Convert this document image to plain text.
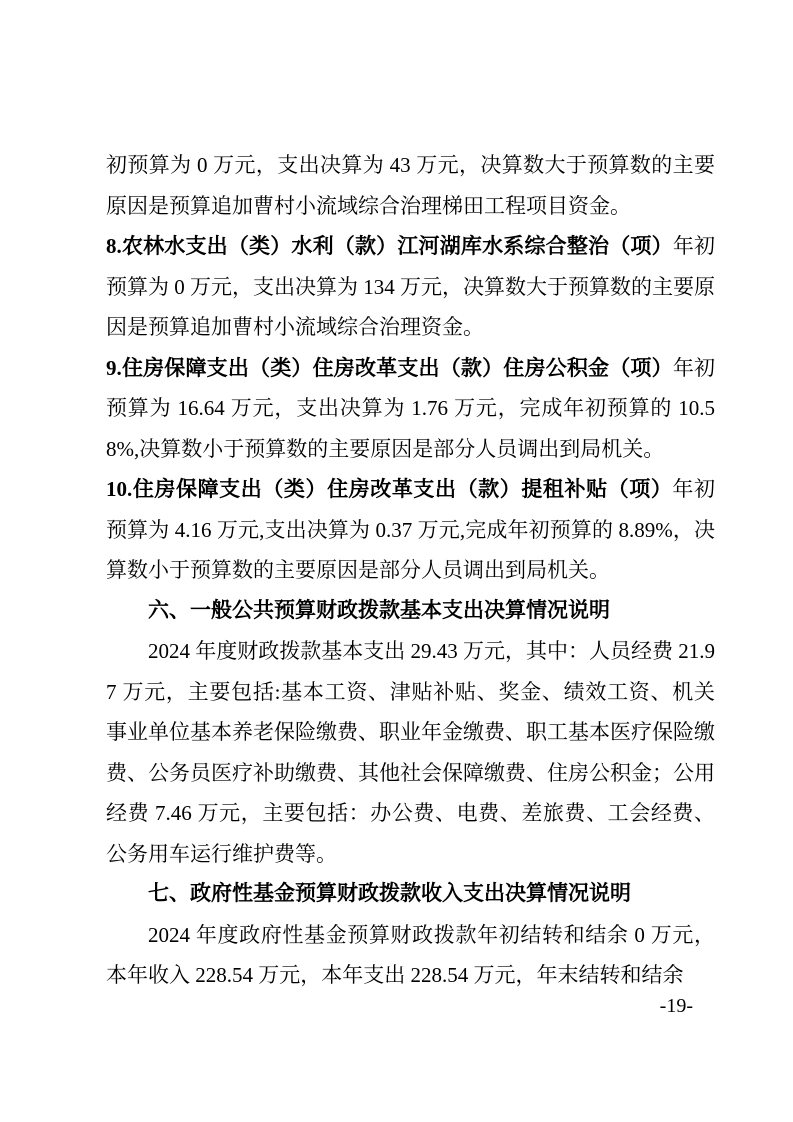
初预算为 0 万元，支出决算为 43 万元，决算数大于预算数的主要原因是预算追加曹村小流域综合治理梯田工程项目资金。

8.农林水支出（类）水利（款）江河湖库水系综合整治（项）年初预算为 0 万元，支出决算为 134 万元，决算数大于预算数的主要原因是预算追加曹村小流域综合治理资金。

9.住房保障支出（类）住房改革支出（款）住房公积金（项）年初预算为 16.64 万元，支出决算为 1.76 万元，完成年初预算的 10.58%,决算数小于预算数的主要原因是部分人员调出到局机关。

10.住房保障支出（类）住房改革支出（款）提租补贴（项）年初预算为 4.16 万元,支出决算为 0.37 万元,完成年初预算的 8.89%，决算数小于预算数的主要原因是部分人员调出到局机关。

六、一般公共预算财政拨款基本支出决算情况说明

2024 年度财政拨款基本支出 29.43 万元，其中：人员经费 21.97 万元，主要包括:基本工资、津贴补贴、奖金、绩效工资、机关事业单位基本养老保险缴费、职业年金缴费、职工基本医疗保险缴费、公务员医疗补助缴费、其他社会保障缴费、住房公积金；公用经费 7.46 万元，主要包括：办公费、电费、差旅费、工会经费、公务用车运行维护费等。

七、政府性基金预算财政拨款收入支出决算情况说明

2024 年度政府性基金预算财政拨款年初结转和结余 0 万元，本年收入 228.54 万元，本年支出 228.54 万元，年末结转和结余

-19-
